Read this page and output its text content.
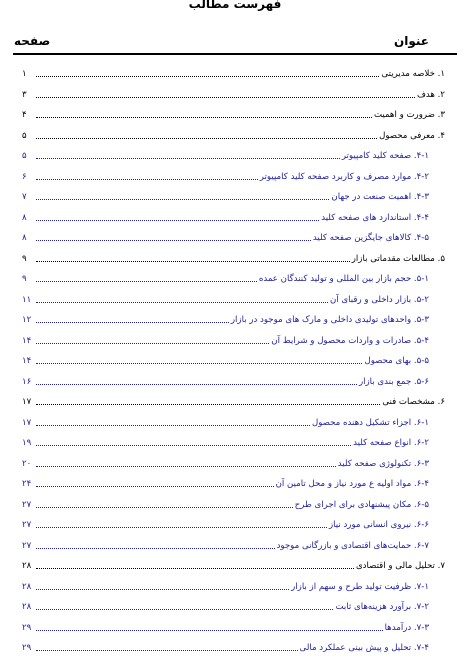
فهرست مطالب
عنوان
صفحه
۱. خلاصه مدیریتی
۱
۲. هدف
۳
۳. ضرورت و اهمیت
۴
۴. معرفی محصول
۵
۴-۱. صفحه کلید کامپیوتر
۵
۴-۲. موارد مصرف و کاربرد صفحه کلید کامپیوتر
۶
۴-۳. اهمیت صنعت در جهان
۷
۴-۴. استاندارد های صفحه کلید
۸
۴-۵. کالاهای جایگزین صفحه کلید
۸
۵. مطالعات مقدماتی بازار
۹
۵-۱. حجم بازار بین المللی و تولید کنندگان عمده
۹
۵-۲. بازار داخلی و رقبای آن
۱۱
۵-۳. واحدهای تولیدی داخلی و مارک های موجود در بازار
۱۲
۵-۴. صادرات و واردات محصول و شرایط آن
۱۴
۵-۵. بهای محصول
۱۴
۵-۶. جمع بندی بازار
۱۶
۶. مشخصات فنی
۱۷
۶-۱. اجزاء تشکیل دهنده محصول
۱۷
۶-۲. انواع صفحه کلید
۱۹
۶-۳. تکنولوژی صفحه کلید
۲۰
۶-۴. مواد اولیه ع مورد نیاز و محل تامین آن
۲۴
۶-۵. مکان پیشنهادی برای اجرای طرح
۲۷
۶-۶. نیروی انسانی مورد نیاز
۲۷
۶-۷. حمایت‌های اقتصادی و بازرگانی موجود
۲۷
۷. تحلیل مالی و اقتصادی
۲۸
۷-۱. ظرفیت تولید طرح و سهم از بازار
۲۸
۷-۲. برآورد هزینه‌های ثابت
۲۸
۷-۳. درآمدها
۲۹
۷-۴. تحلیل و پیش بینی عملکرد مالی
۲۹
